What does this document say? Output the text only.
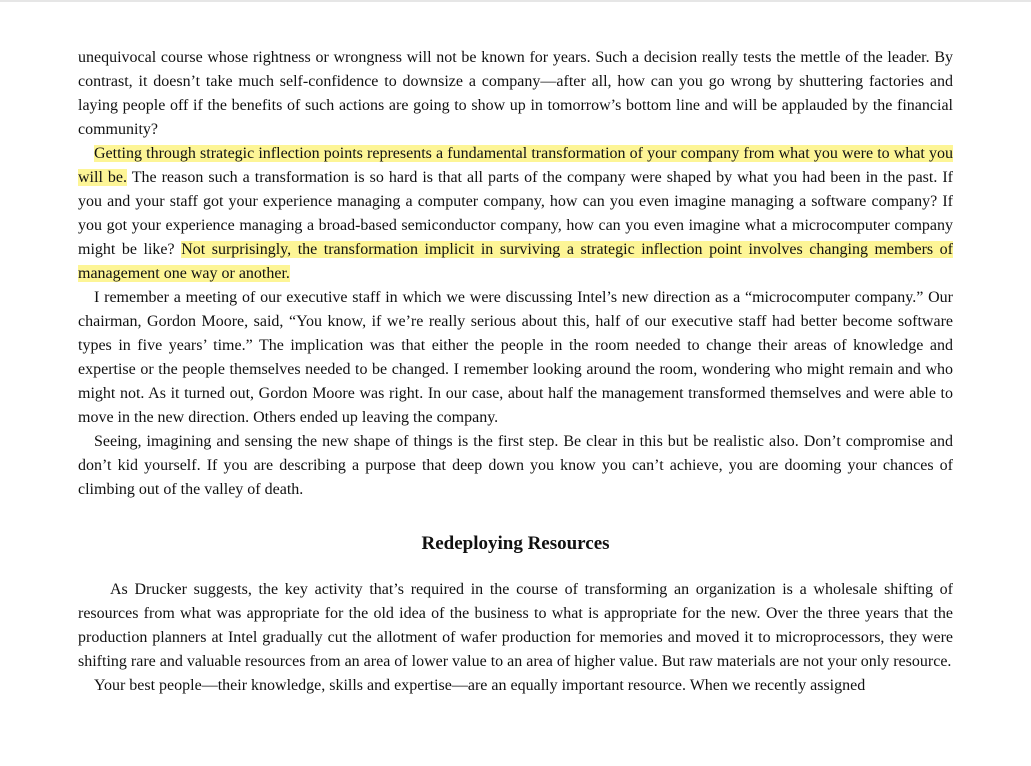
unequivocal course whose rightness or wrongness will not be known for years. Such a decision really tests the mettle of the leader. By contrast, it doesn’t take much self-confidence to downsize a company—after all, how can you go wrong by shuttering factories and laying people off if the benefits of such actions are going to show up in tomorrow’s bottom line and will be applauded by the financial community?

Getting through strategic inflection points represents a fundamental transformation of your company from what you were to what you will be. The reason such a transformation is so hard is that all parts of the company were shaped by what you had been in the past. If you and your staff got your experience managing a computer company, how can you even imagine managing a software company? If you got your experience managing a broad-based semiconductor company, how can you even imagine what a microcomputer company might be like? Not surprisingly, the transformation implicit in surviving a strategic inflection point involves changing members of management one way or another.

I remember a meeting of our executive staff in which we were discussing Intel’s new direction as a “microcomputer company.” Our chairman, Gordon Moore, said, “You know, if we’re really serious about this, half of our executive staff had better become software types in five years’ time.” The implication was that either the people in the room needed to change their areas of knowledge and expertise or the people themselves needed to be changed. I remember looking around the room, wondering who might remain and who might not. As it turned out, Gordon Moore was right. In our case, about half the management transformed themselves and were able to move in the new direction. Others ended up leaving the company.

Seeing, imagining and sensing the new shape of things is the first step. Be clear in this but be realistic also. Don’t compromise and don’t kid yourself. If you are describing a purpose that deep down you know you can’t achieve, you are dooming your chances of climbing out of the valley of death.

Redeploying Resources

As Drucker suggests, the key activity that’s required in the course of transforming an organization is a wholesale shifting of resources from what was appropriate for the old idea of the business to what is appropriate for the new. Over the three years that the production planners at Intel gradually cut the allotment of wafer production for memories and moved it to microprocessors, they were shifting rare and valuable resources from an area of lower value to an area of higher value. But raw materials are not your only resource.

Your best people—their knowledge, skills and expertise—are an equally important resource. When we recently assigned
